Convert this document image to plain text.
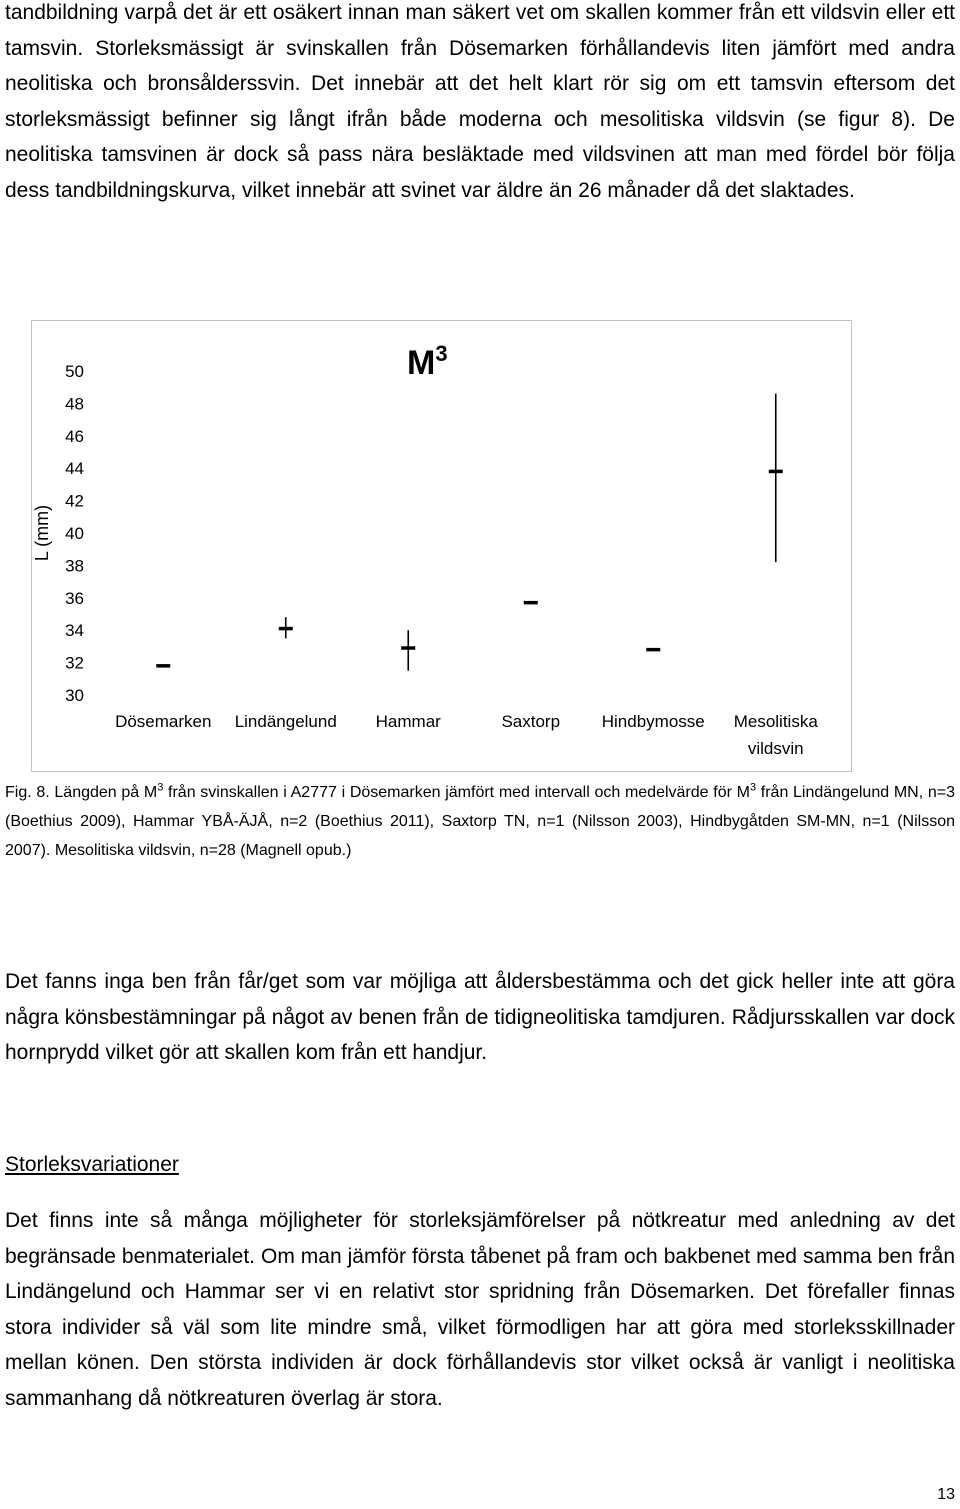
tandbildning varpå det är ett osäkert innan man säkert vet om skallen kommer från ett vildsvin eller ett tamsvin. Storleksmässigt är svinskallen från Dösemarken förhållandevis liten jämfört med andra neolitiska och bronsålderssvin. Det innebär att det helt klart rör sig om ett tamsvin eftersom det storleksmässigt befinner sig långt ifrån både moderna och mesolitiska vildsvin (se figur 8). De neolitiska tamsvinen är dock så pass nära besläktade med vildsvinen att man med fördel bör följa dess tandbildningskurva, vilket innebär att svinet var äldre än 26 månader då det slaktades.

30
32
34
36
38
40
42
44
46
48
50
Dösemarken Lindängelund Hammar	Saxtorp Hindbymosse Mesolitiska
vildsvin
L (mm)
$M^3$

Fig. 8. Längden på $M^3$ från svinskallen i A2777 i Dösemarken jämfört med intervall och medelvärde för $M^3$ från Lindängelund MN, n=3 (Boethius 2009), Hammar YBÅ-ÄJÅ, n=2 (Boethius 2011), Saxtorp TN, n=1 (Nilsson 2003), Hindbygåtden SM-MN, n=1 (Nilsson 2007). Mesolitiska vildsvin, n=28 (Magnell opub.)

Det fanns inga ben från får/get som var möjliga att åldersbestämma och det gick heller inte att göra några könsbestämningar på något av benen från de tidigneolitiska tamdjuren. Rådjursskallen var dock hornprydd vilket gör att skallen kom från ett handjur.

Storleksvariationer

Det finns inte så många möjligheter för storleksjämförelser på nötkreatur med anledning av det begränsade benmaterialet. Om man jämför första tåbenet på fram och bakbenet med samma ben från Lindängelund och Hammar ser vi en relativt stor spridning från Dösemarken. Det förefaller finnas stora individer så väl som lite mindre små, vilket förmodligen har att göra med storleksskillnader mellan könen. Den största individen är dock förhållandevis stor vilket också är vanligt i neolitiska sammanhang då nötkreaturen överlag är stora.

13
